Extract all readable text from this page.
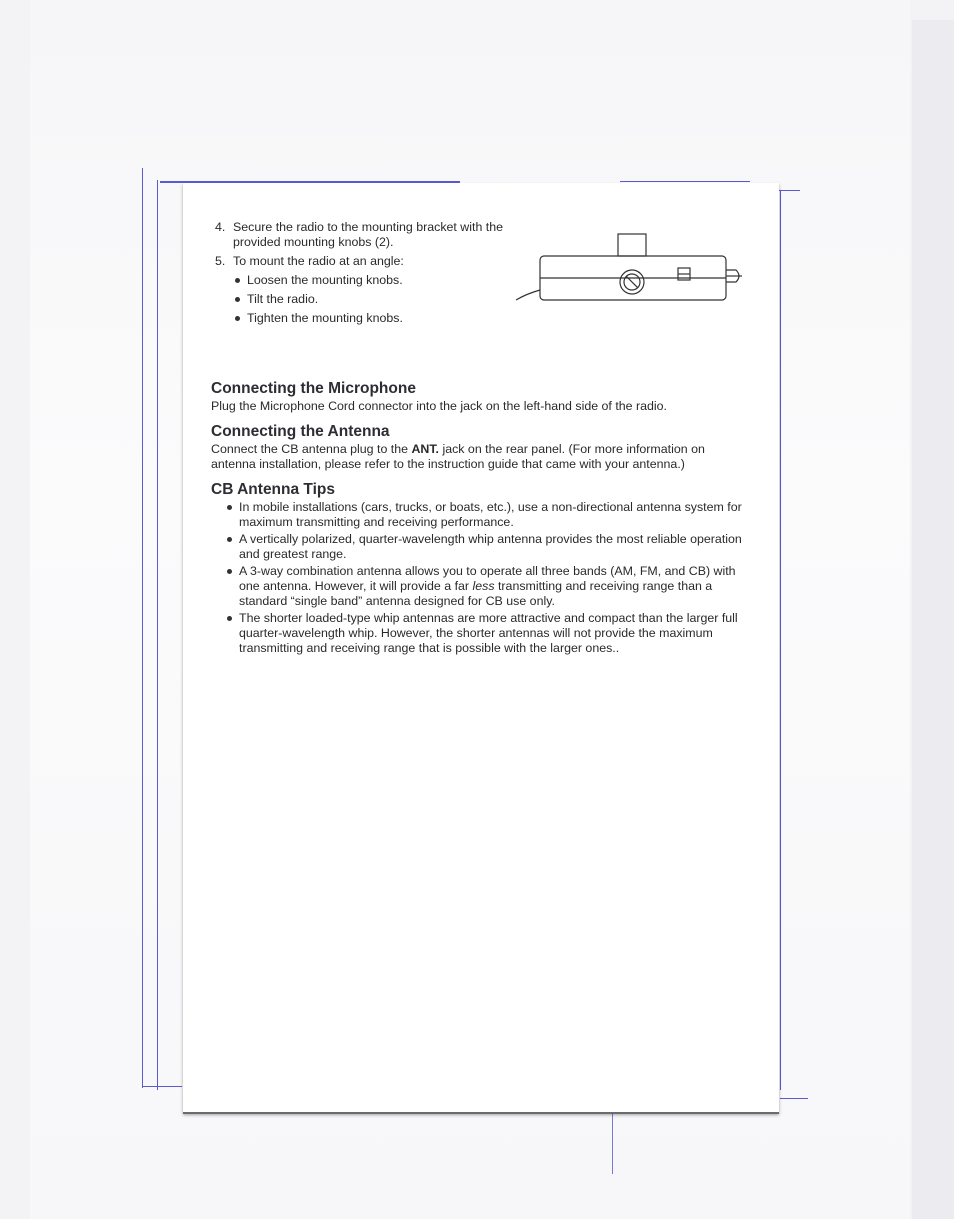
4. Secure the radio to the mounting bracket with the provided mounting knobs (2).
5. To mount the radio at an angle:
Loosen the mounting knobs.
Tilt the radio.
Tighten the mounting knobs.
Connecting the Microphone

Plug the Microphone Cord connector into the jack on the left-hand side of the radio.

Connecting the Antenna

Connect the CB antenna plug to the ANT. jack on the rear panel. (For more information on antenna installation, please refer to the instruction guide that came with your antenna.)

CB Antenna Tips
In mobile installations (cars, trucks, or boats, etc.), use a non-directional antenna system for maximum transmitting and receiving performance.
A vertically polarized, quarter-wavelength whip antenna provides the most reliable operation and greatest range.
A 3-way combination antenna allows you to operate all three bands (AM, FM, and CB) with one antenna. However, it will provide a far less transmitting and receiving range than a standard “single band” antenna designed for CB use only.
The shorter loaded-type whip antennas are more attractive and compact than the larger full quarter-wavelength whip. However, the shorter antennas will not provide the maximum transmitting and receiving range that is possible with the larger ones..
